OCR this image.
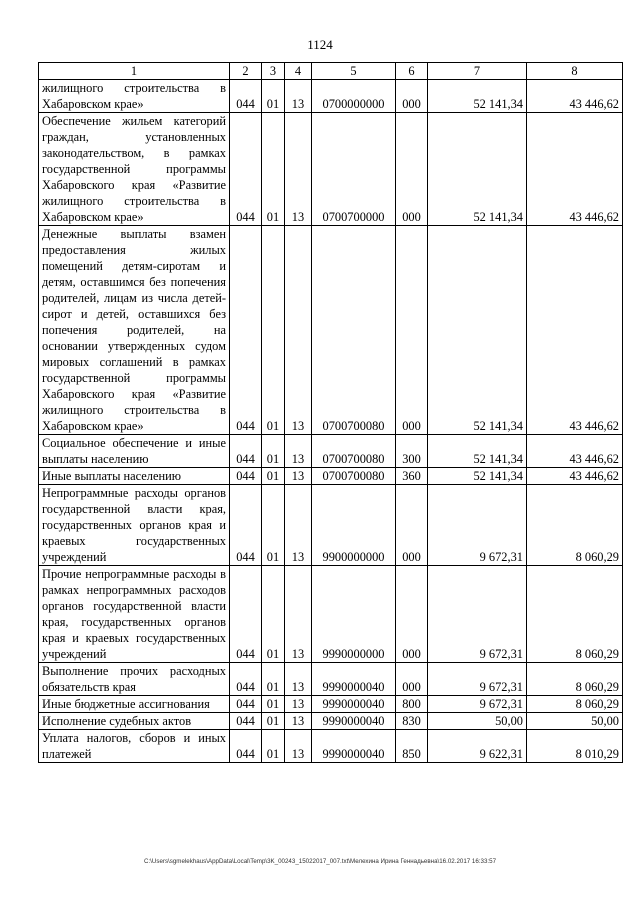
1124
1	2	3	4	5	6	7	8
жилищного строительства в Хабаровском крае»	044	01	13	0700000000	000	52 141,34	43 446,62
Обеспечение жильем категорий граждан, установленных законодательством, в рамках государственной программы Хабаровского края «Развитие жилищного строительства в Хабаровском крае»	044	01	13	0700700000	000	52 141,34	43 446,62
Денежные выплаты взамен предоставления жилых помещений детям-сиротам и детям, оставшимся без попечения родителей, лицам из числа детей-сирот и детей, оставшихся без попечения родителей, на основании утвержденных судом мировых соглашений в рамках государственной программы Хабаровского края «Развитие жилищного строительства в Хабаровском крае»	044	01	13	0700700080	000	52 141,34	43 446,62
Социальное обеспечение и иные выплаты населению	044	01	13	0700700080	300	52 141,34	43 446,62
Иные выплаты населению	044	01	13	0700700080	360	52 141,34	43 446,62
Непрограммные расходы органов государственной власти края, государственных органов края и краевых государственных учреждений	044	01	13	9900000000	000	9 672,31	8 060,29
Прочие непрограммные расходы в рамках непрограммных расходов органов государственной власти края, государственных органов края и краевых государственных учреждений	044	01	13	9990000000	000	9 672,31	8 060,29
Выполнение прочих расходных обязательств края	044	01	13	9990000040	000	9 672,31	8 060,29
Иные бюджетные ассигнования	044	01	13	9990000040	800	9 672,31	8 060,29
Исполнение судебных актов	044	01	13	9990000040	830	50,00	50,00
Уплата налогов, сборов и иных платежей	044	01	13	9990000040	850	9 622,31	8 010,29
C:\Users\sgmelekhaus\AppData\Local\Temp\3K_00243_15022017_007.txt\Мелехина Ирина Геннадьевна\16.02.2017 16:33:57
